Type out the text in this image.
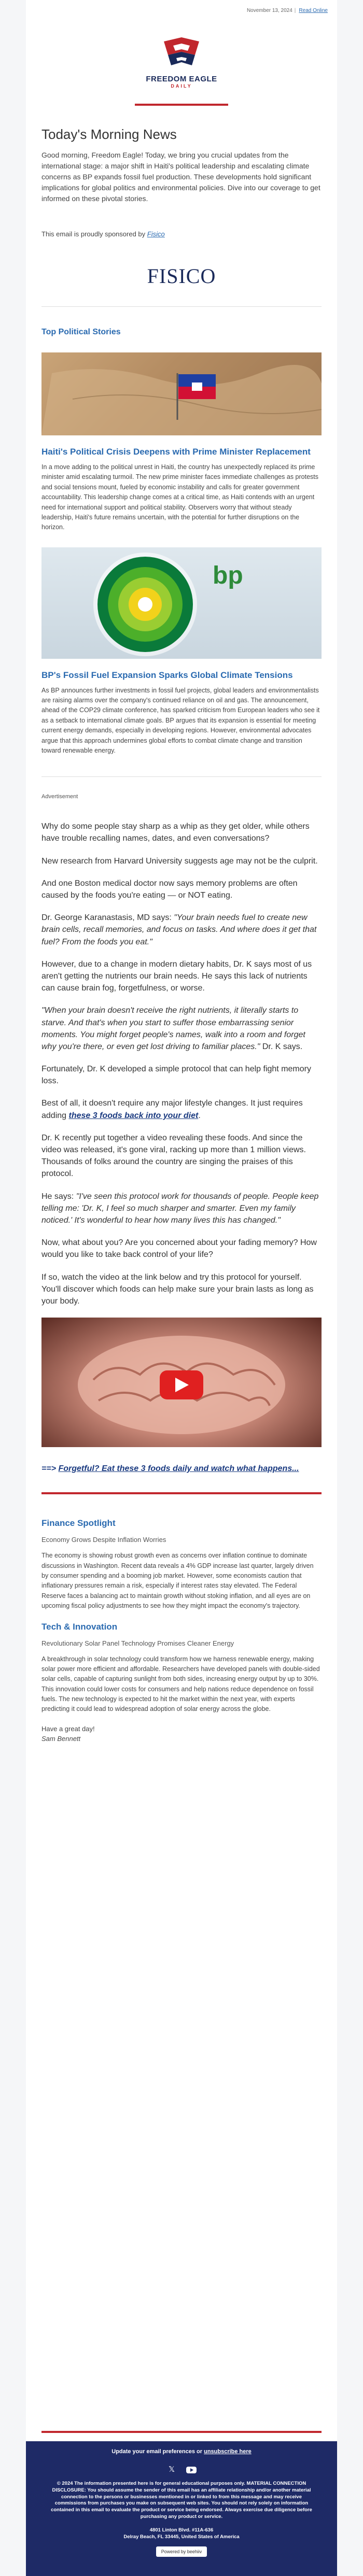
November 13, 2024 | Read Online
FREEDOM EAGLE
DAILY
Today's Morning News

Good morning, Freedom Eagle! Today, we bring you crucial updates from the international stage: a major shift in Haiti's political leadership and escalating climate concerns as BP expands fossil fuel production. These developments hold significant implications for global politics and environmental policies. Dive into our coverage to get informed on these pivotal stories.

This email is proudly sponsored by Fisico
FISICO
Top Political Stories
Haiti's Political Crisis Deepens with Prime Minister Replacement

In a move adding to the political unrest in Haiti, the country has unexpectedly replaced its prime minister amid escalating turmoil. The new prime minister faces immediate challenges as protests and social tensions mount, fueled by economic instability and calls for greater government accountability. This leadership change comes at a critical time, as Haiti contends with an urgent need for international support and political stability. Observers worry that without steady leadership, Haiti's future remains uncertain, with the potential for further disruptions on the horizon.

bp
BP's Fossil Fuel Expansion Sparks Global Climate Tensions

As BP announces further investments in fossil fuel projects, global leaders and environmentalists are raising alarms over the company's continued reliance on oil and gas. The announcement, ahead of the COP29 climate conference, has sparked criticism from European leaders who see it as a setback to international climate goals. BP argues that its expansion is essential for meeting current energy demands, especially in developing regions. However, environmental advocates argue that this approach undermines global efforts to combat climate change and transition toward renewable energy.

Advertisement

Why do some people stay sharp as a whip as they get older, while others have trouble recalling names, dates, and even conversations?

New research from Harvard University suggests age may not be the culprit.

And one Boston medical doctor now says memory problems are often caused by the foods you're eating — or NOT eating.

Dr. George Karanastasis, MD says: "Your brain needs fuel to create new brain cells, recall memories, and focus on tasks. And where does it get that fuel? From the foods you eat."

However, due to a change in modern dietary habits, Dr. K says most of us aren't getting the nutrients our brain needs. He says this lack of nutrients can cause brain fog, forgetfulness, or worse.

"When your brain doesn't receive the right nutrients, it literally starts to starve. And that's when you start to suffer those embarrassing senior moments. You might forget people's names, walk into a room and forget why you're there, or even get lost driving to familiar places." Dr. K says.

Fortunately, Dr. K developed a simple protocol that can help fight memory loss.

Best of all, it doesn't require any major lifestyle changes. It just requires adding these 3 foods back into your diet.

Dr. K recently put together a video revealing these foods. And since the video was released, it's gone viral, racking up more than 1 million views. Thousands of folks around the country are singing the praises of this protocol.

He says: "I've seen this protocol work for thousands of people. People keep telling me: 'Dr. K, I feel so much sharper and smarter. Even my family noticed.' It's wonderful to hear how many lives this has changed."

Now, what about you? Are you concerned about your fading memory? How would you like to take back control of your life?

If so, watch the video at the link below and try this protocol for yourself. You'll discover which foods can help make sure your brain lasts as long as your body.

==> Forgetful? Eat these 3 foods daily and watch what happens...

Finance Spotlight
Economy Grows Despite Inflation Worries

The economy is showing robust growth even as concerns over inflation continue to dominate discussions in Washington. Recent data reveals a 4% GDP increase last quarter, largely driven by consumer spending and a booming job market. However, some economists caution that inflationary pressures remain a risk, especially if interest rates stay elevated. The Federal Reserve faces a balancing act to maintain growth without stoking inflation, and all eyes are on upcoming fiscal policy adjustments to see how they might impact the economy's trajectory.

Tech & Innovation
Revolutionary Solar Panel Technology Promises Cleaner Energy

A breakthrough in solar technology could transform how we harness renewable energy, making solar power more efficient and affordable. Researchers have developed panels with double-sided solar cells, capable of capturing sunlight from both sides, increasing energy output by up to 30%. This innovation could lower costs for consumers and help nations reduce dependence on fossil fuels. The new technology is expected to hit the market within the next year, with experts predicting it could lead to widespread adoption of solar energy across the globe.

Have a great day!
Sam Bennett
Update your email preferences or unsubscribe here
𝕏
© 2024 The information presented here is for general educational purposes only. MATERIAL CONNECTION DISCLOSURE: You should assume the sender of this email has an affiliate relationship and/or another material connection to the persons or businesses mentioned in or linked to from this message and may receive commissions from purchases you make on subsequent web sites. You should not rely solely on information contained in this email to evaluate the product or service being endorsed. Always exercise due diligence before purchasing any product or service.
4801 Linton Blvd. #11A-636
Delray Beach, FL 33445, United States of America
Powered by beehiiv
